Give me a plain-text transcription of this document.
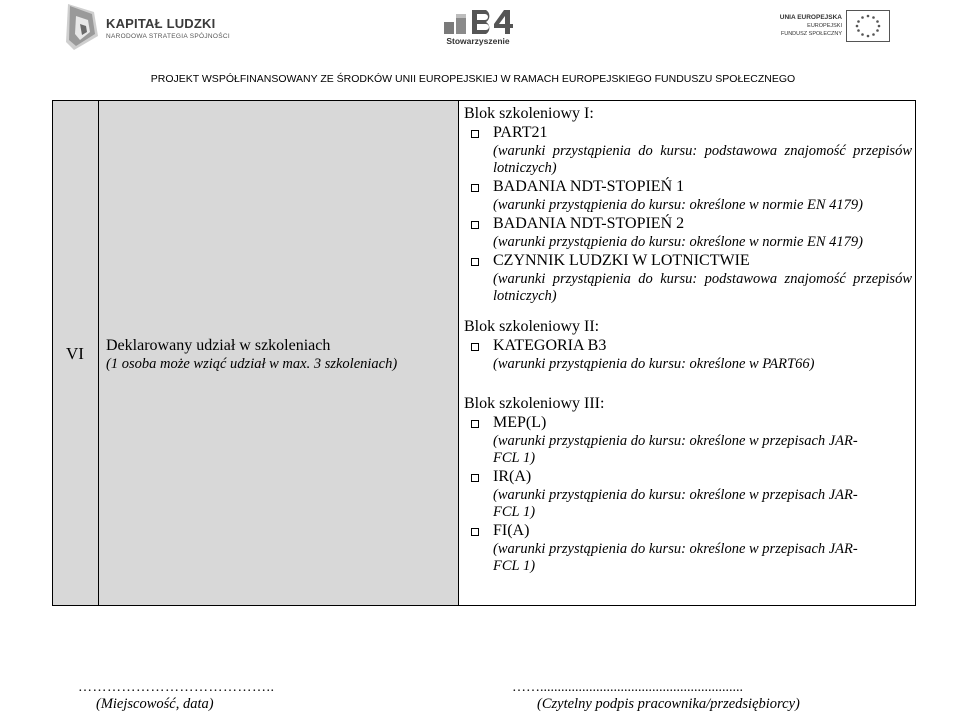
KAPITAŁ LUDZKI
NARODOWA STRATEGIA SPÓJNOŚCI	Stowarzyszenie
UNIA EUROPEJSKA
EUROPEJSKI
FUNDUSZ SPOŁECZNY
PROJEKT WSPÓŁFINANSOWANY ZE ŚRODKÓW UNII EUROPEJSKIEJ W RAMACH EUROPEJSKIEGO FUNDUSZU SPOŁECZNEGO
VI	Deklarowany udział w szkoleniach
(1 osoba może wziąć udział w max. 3 szkoleniach)
Blok szkoleniowy I:
PART21
(warunki przystąpienia do kursu: podstawowa znajomość przepisów lotniczych)
BADANIA NDT-STOPIEŃ 1
(warunki przystąpienia do kursu: określone w normie EN 4179)
BADANIA NDT-STOPIEŃ 2
(warunki przystąpienia do kursu: określone w normie EN 4179)
CZYNNIK LUDZKI W LOTNICTWIE
(warunki przystąpienia do kursu: podstawowa znajomość przepisów lotniczych)
Blok szkoleniowy II:
KATEGORIA B3
(warunki przystąpienia do kursu: określone w PART66)
Blok szkoleniowy III:
MEP(L)
(warunki przystąpienia do kursu: określone w przepisach JAR-FCL 1)
IR(A)
(warunki przystąpienia do kursu: określone w przepisach JAR-FCL 1)
FI(A)
(warunki przystąpienia do kursu: określone w przepisach JAR-FCL 1)
…………………………………..
(Miejscowość, data)
……..........................................................
(Czytelny podpis pracownika/przedsiębiorcy)
